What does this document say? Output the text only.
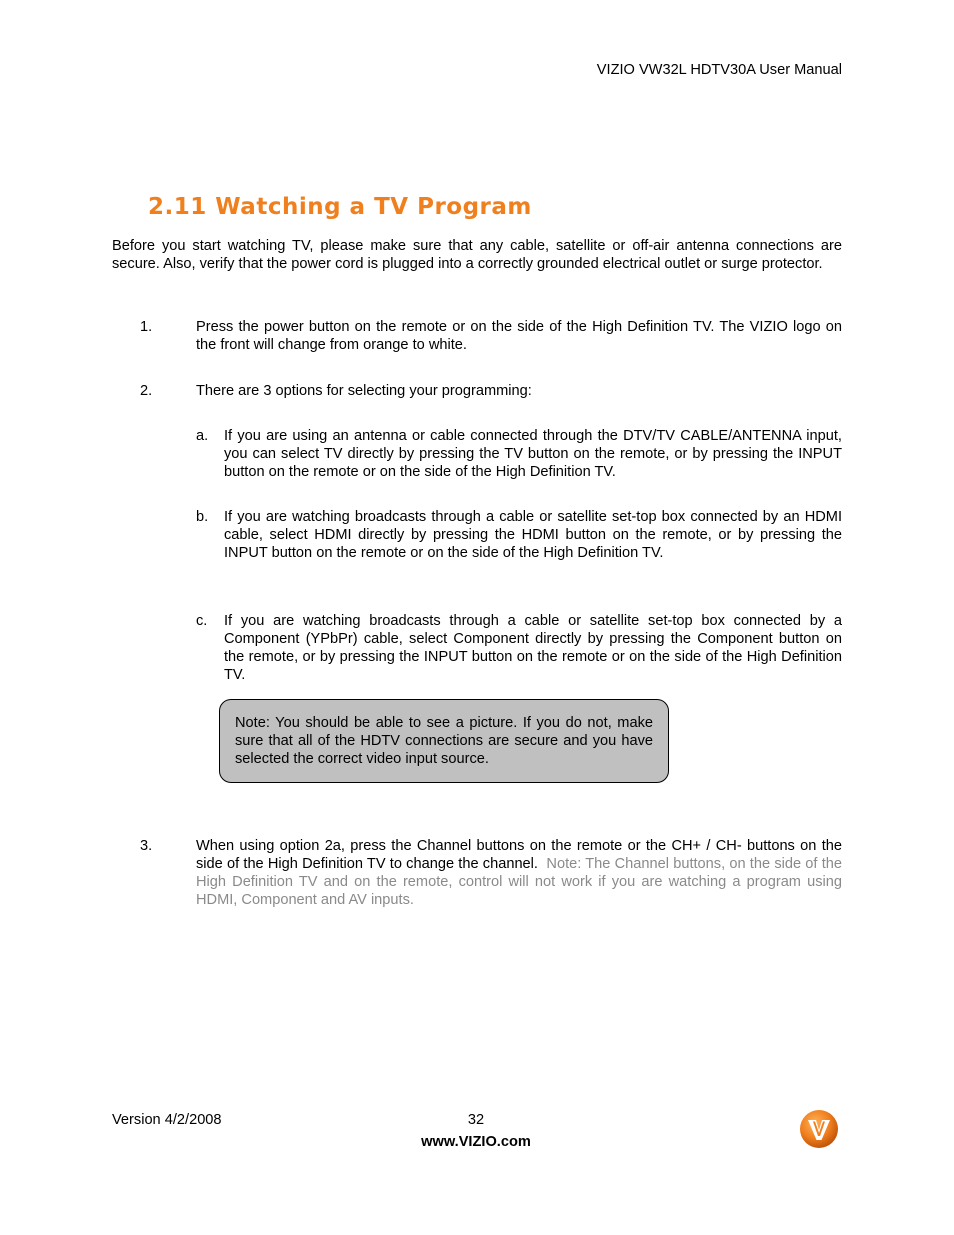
VIZIO VW32L HDTV30A User Manual
2.11 Watching a TV Program
Before you start watching TV, please make sure that any cable, satellite or off-air antenna connections are secure. Also, verify that the power cord is plugged into a correctly grounded electrical outlet or surge protector.
1.	Press the power button on the remote or on the side of the High Definition TV. The VIZIO logo on the front will change from orange to white.
2.	There are 3 options for selecting your programming:
a.	If you are using an antenna or cable connected through the DTV/TV CABLE/ANTENNA input, you can select TV directly by pressing the TV button on the remote, or by pressing the INPUT button on the remote or on the side of the High Definition TV.
b.	If you are watching broadcasts through a cable or satellite set-top box connected by an HDMI cable, select HDMI directly by pressing the HDMI button on the remote, or by pressing the INPUT button on the remote or on the side of the High Definition TV.
c.	If you are watching broadcasts through a cable or satellite set-top box connected by a Component (YPbPr) cable, select Component directly by pressing the Component button on the remote, or by pressing the INPUT button on the remote or on the side of the High Definition TV.
Note: You should be able to see a picture. If you do not, make sure that all of the HDTV connections are secure and you have selected the correct video input source.
3.	When using option 2a, press the Channel buttons on the remote or the CH+ / CH- buttons on the side of the High Definition TV to change the channel. Note: The Channel buttons, on the side of the High Definition TV and on the remote, control will not work if you are watching a program using HDMI, Component and AV inputs.
Version 4/2/2008	32
www.VIZIO.com
